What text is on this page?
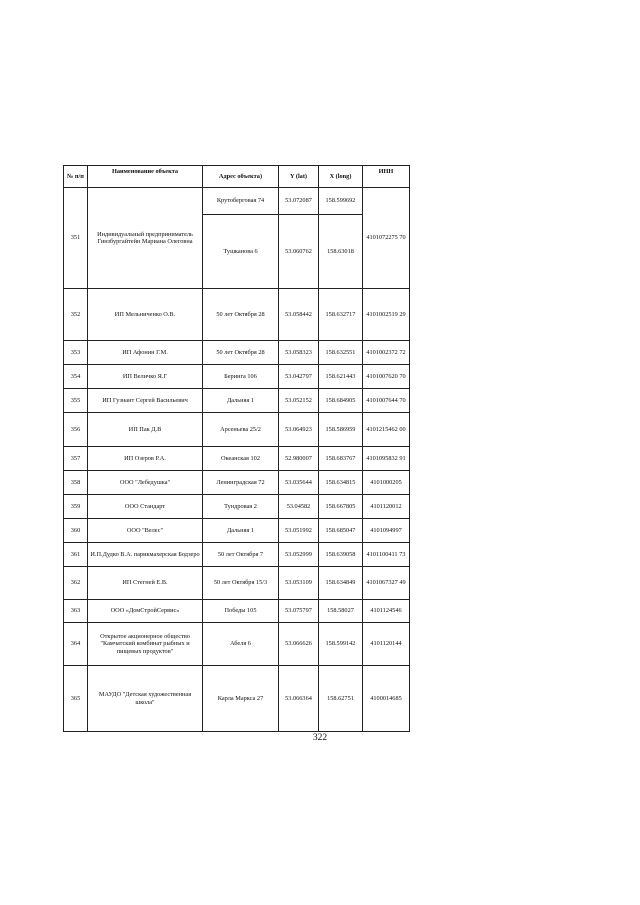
№ п/п	Наименование объекта	Адрес объекта)	Y (lat)	X (long)	ИНН
351	Индивидуальный предприниматель Гинзбургайтейн Мариана Олеговна	Крутоберговая 74	53.072087	158.599692	4101072275 70
		Тушканова 6	53.060762	158.63018	
352	ИП Мельниченко О.В.	50 лет Октября 28	53.058442	158.632717	4101002519 29
353	ИП Афонин Г.М.	50 лет Октября 28	53.058323	158.632551	4101002372 72
354	ИП Величко Я.Г	Беринга 106	53.042797	158.621443	4101007620 70
355	ИП Гузнант Сергей Васильевич	Дальняя 1	53.052152	158.684905	4101007644 70
356	ИП Пак Д.В	Арсеньева 25/2	53.064923	158.586959	4101215462 00
357	ИП Озеров Р.А.	Океанская 102	52.980007	158.683767	4101095832 91
358	ООО "Лебедушка"	Ленинградская 72	53.035644	158.634815	4101000205
359	ООО Стандарт	Тундровая 2	53.04582	158.667805	4101120012
360	ООО "Велес"	Дальняя 1	53.051992	158.685047	4101094997
361	И.П.Дудко В.А. парикмахерская Бодзеро	50 лет Октября 7	53.052999	158.639058	4101100411 73
362	ИП Стегней Е.В.	50 лет Октября 15/3	53.053109	158.634849	4101067327 49
363	ООО «ДомСтройСервис»	Победы 105	53.075797	158.58027	4101124546
364	Открытое акционерное общество "Камчатский комбинат рыбных и пищевых продуктов"	Абеля 6	53.066626	158.599142	4101120144
365	МАУДО "Детская художественная школа"	Карла Маркса 27	53.066364	158.62751	4100014685
322
